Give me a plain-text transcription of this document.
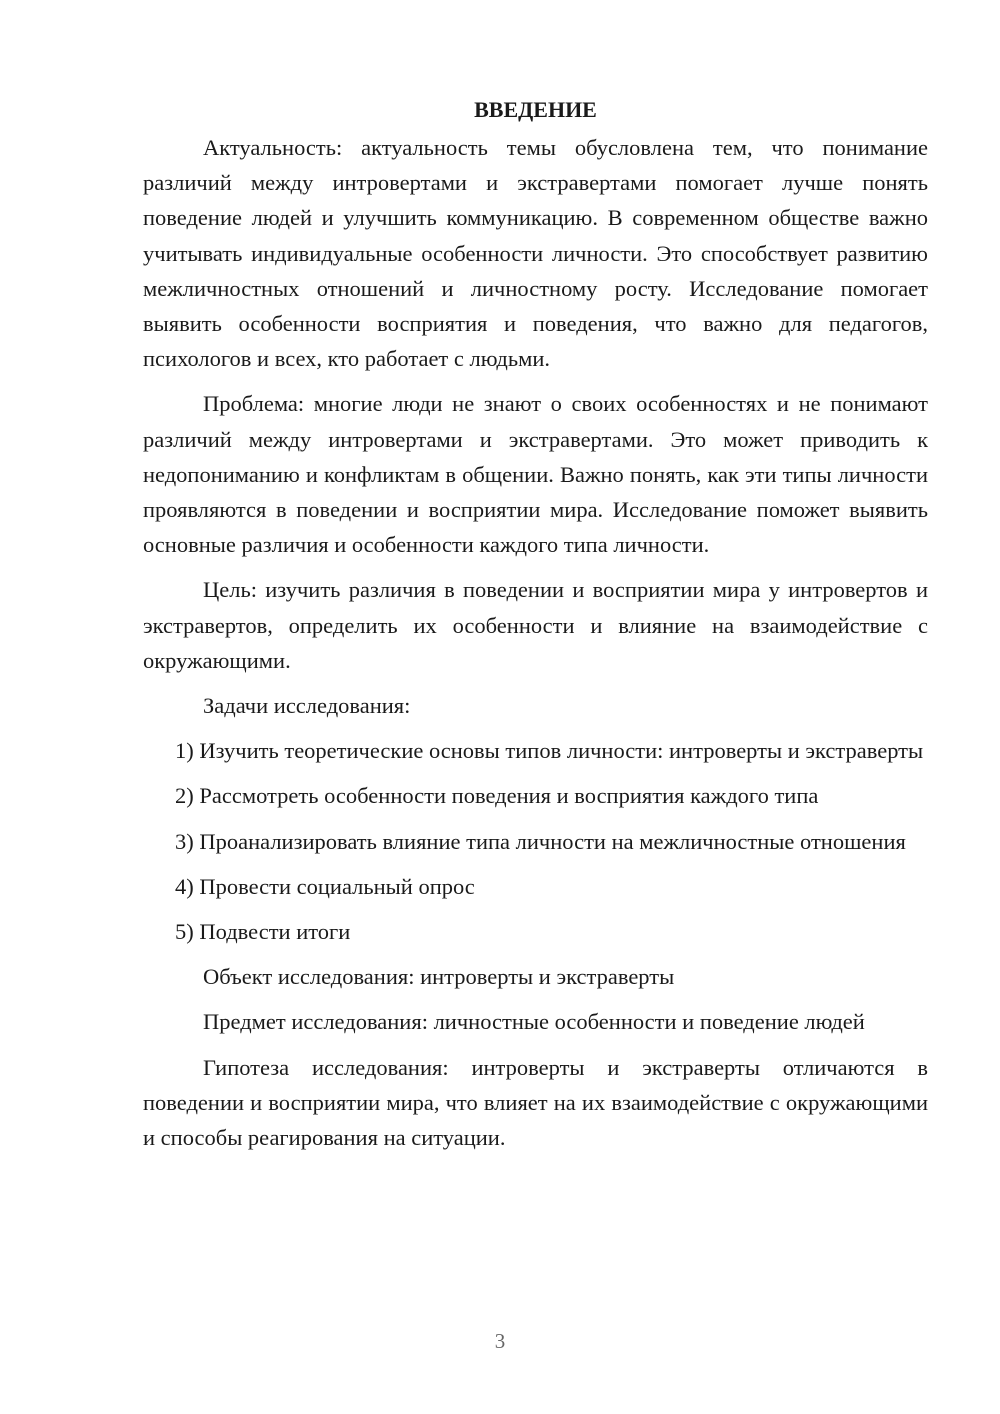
ВВЕДЕНИЕ

Актуальность: актуальность темы обусловлена тем, что понимание различий между интровертами и экстравертами помогает лучше понять поведение людей и улучшить коммуникацию. В современном обществе важно учитывать индивидуальные особенности личности. Это способствует развитию межличностных отношений и личностному росту. Исследование помогает выявить особенности восприятия и поведения, что важно для педагогов, психологов и всех, кто работает с людьми.

Проблема: многие люди не знают о своих особенностях и не понимают различий между интровертами и экстравертами. Это может приводить к недопониманию и конфликтам в общении. Важно понять, как эти типы личности проявляются в поведении и восприятии мира. Исследование поможет выявить основные различия и особенности каждого типа личности.

Цель: изучить различия в поведении и восприятии мира у интровертов и экстравертов, определить их особенности и влияние на взаимодействие с окружающими.

Задачи исследования:

1) Изучить теоретические основы типов личности: интроверты и экстраверты

2) Рассмотреть особенности поведения и восприятия каждого типа

3) Проанализировать влияние типа личности на межличностные отношения

4) Провести социальный опрос

5) Подвести итоги

Объект исследования: интроверты и экстраверты

Предмет исследования: личностные особенности и поведение людей

Гипотеза исследования: интроверты и экстраверты отличаются в поведении и восприятии мира, что влияет на их взаимодействие с окружающими и способы реагирования на ситуации.

3
